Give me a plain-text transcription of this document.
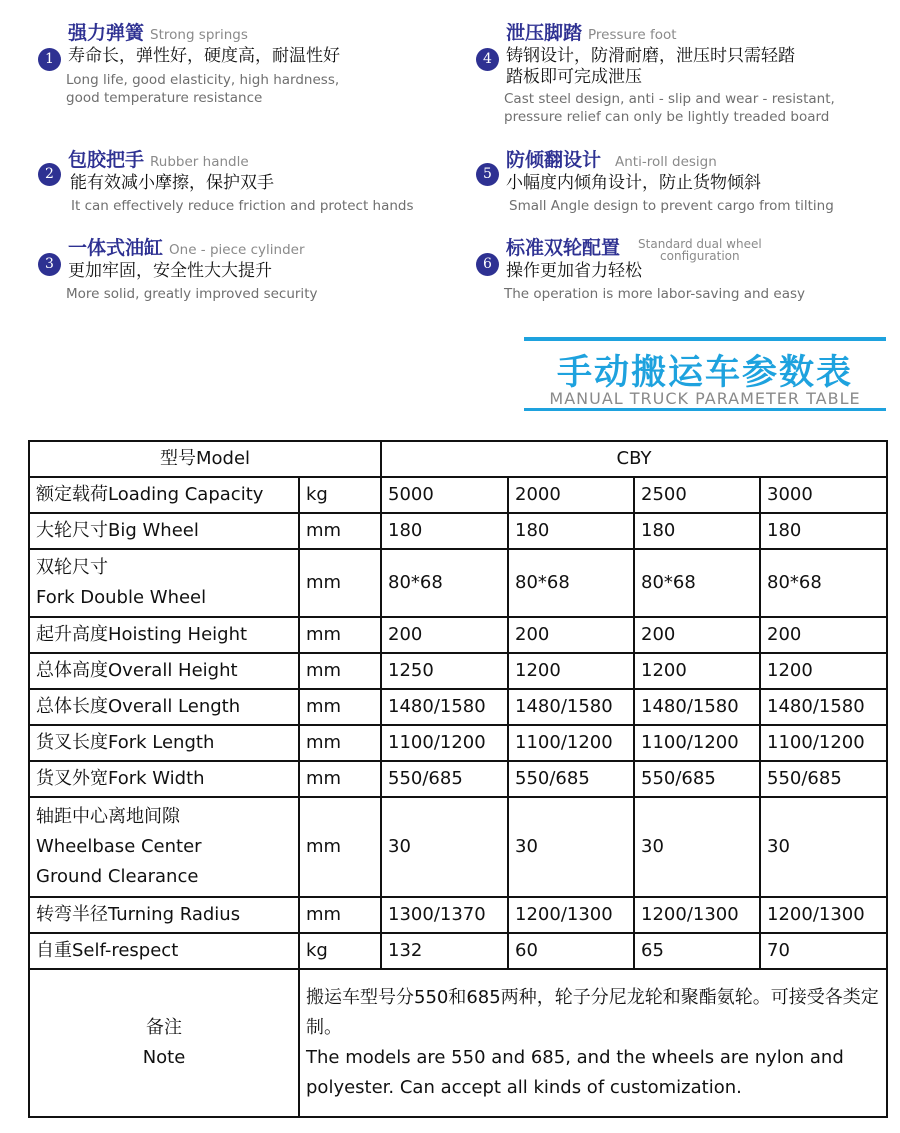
1
强力弹簧 Strong springs
寿命长，弹性好，硬度高，耐温性好
Long life, good elasticity, high hardness,
good temperature resistance
2
包胶把手 Rubber handle
能有效减小摩擦，保护双手
It can effectively reduce friction and protect hands
3
一体式油缸 One - piece cylinder
更加牢固，安全性大大提升
More solid, greatly improved security
4
泄压脚踏 Pressure foot
铸钢设计，防滑耐磨，泄压时只需轻踏
踏板即可完成泄压
Cast steel design, anti - slip and wear - resistant,
pressure relief can only be lightly treaded board
5
防倾翻设计 Anti-roll design
小幅度内倾角设计，防止货物倾斜
Small Angle design to prevent cargo from tilting
6
标准双轮配置 Standard dual wheel
configuration
操作更加省力轻松
The operation is more labor-saving and easy
手动搬运车参数表
MANUAL TRUCK PARAMETER TABLE
型号Model		CBY			
额定载荷Loading Capacity	kg	5000	2000	2500	3000
大轮尺寸Big Wheel	mm	180	180	180	180
双轮尺寸
Fork Double Wheel	mm	80*68	80*68	80*68	80*68
起升高度Hoisting Height	mm	200	200	200	200
总体高度Overall Height	mm	1250	1200	1200	1200
总体长度Overall Length	mm	1480/1580	1480/1580	1480/1580	1480/1580
货叉长度Fork Length	mm	1100/1200	1100/1200	1100/1200	1100/1200
货叉外宽Fork Width	mm	550/685	550/685	550/685	550/685
轴距中心离地间隙
Wheelbase Center
Ground Clearance	mm	30	30	30	30
转弯半径Turning Radius	mm	1300/1370	1200/1300	1200/1300	1200/1300
自重Self-respect	kg	132	60	65	70
备注
Note	搬运车型号分550和685两种，轮子分尼龙轮和聚酯氨轮。可接受各类定制。
The models are 550 and 685, and the wheels are nylon and polyester. Can accept all kinds of customization.				
